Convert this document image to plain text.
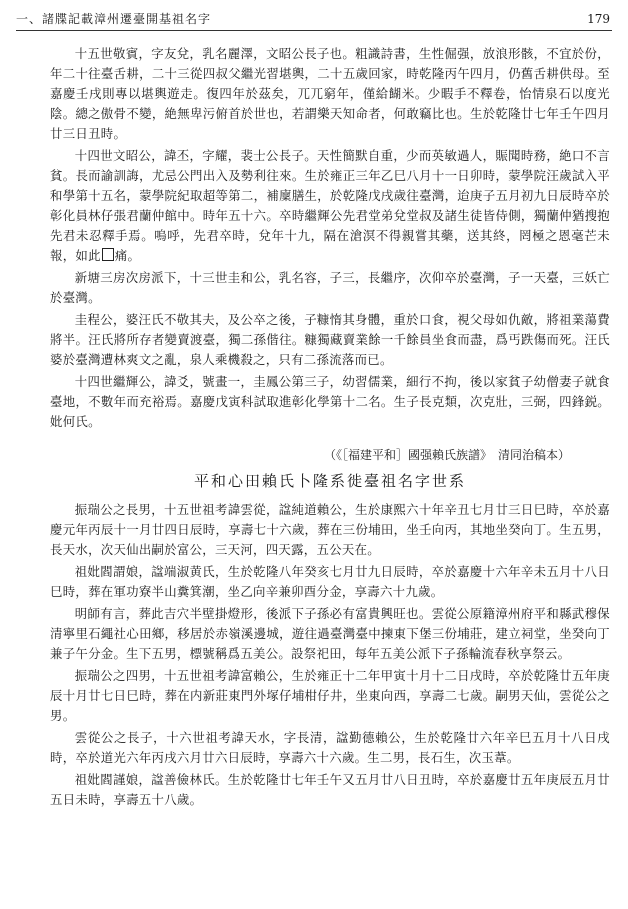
一、諸牒記載漳州遷臺開基祖名字	179

十五世敬賓，字友兌，乳名麗澤，文昭公長子也。粗識詩書，生性倔强，放浪形骸，不宜於份，年二十往臺舌耕，二十三從四叔父繼光習堪輿，二十五歲回家，時乾隆丙午四月，仍舊舌耕供母。至嘉慶壬戌則專以堪輿遊走。復四年於茲矣，兀兀窮年，僅給餬米。少暇手不釋卷，怡情泉石以度光陰。總之傲骨不變，絶無卑污俯首於世也，若謂樂天知命者，何敢竊比也。生於乾隆廿七年壬午四月廿三日丑時。

十四世文昭公，諱丕，字耀，裴士公長子。天性簡默自重，少而英敏過人，賑聞時務，絶口不言貧。長而諭訓誨，尤忌公門出入及勢利往來。生於雍正三年乙巳八月十一日卯時，蒙學院汪歲試入平和學第十五名，蒙學院紀取超等第二，補廩膳生，於乾隆戊戌歲往臺灣，迨庚子五月初九日辰時卒於彰化員林仔張君蘭仲館中。時年五十六。卒時繼輝公先君堂弟兌堂叔及諸生徒皆侍側，獨蘭仲猶搜抱先君未忍釋手焉。嗚呼，先君卒時，兌年十九，隔在滄溟不得親嘗其藥，送其終，罔極之恩毫芒未報，如此 痛。

新塘三房次房派下，十三世圭和公，乳名容，子三，長繼序，次仰卒於臺灣，子一天臺，三妖亡於臺灣。

圭程公，婆汪氏不敬其夫，及公卒之後，子糠惰其身體，重於口食，視父母如仇敵，將祖業蕩費將半。汪氏將所存者變賣渡臺，獨二孫偕往。糠獨藏賣業餘一千餘員坐食而盡，爲丐跌傷而死。汪氏婆於臺灣遭林爽文之亂，泉人乘機殺之，只有二孫流落而已。

十四世繼輝公，諱爻，號畫一，圭鳳公第三子，幼習儒業，細行不拘，後以家貧子幼僧妻子就食臺地，不數年而充裕焉。嘉慶戊寅科試取進彰化學第十二名。生子長克類，次克壯，三弼，四鋒鋭。妣何氏。

（《［福建平和］國强賴氏族譜》　清同治稿本）
平和心田賴氏卜隆系徙臺祖名字世系

振瑞公之長男，十五世祖考諱雲從，諡純道賴公，生於康熙六十年辛丑七月廿三日巳時，卒於嘉慶元年丙辰十一月廿四日辰時，享壽七十六歲，葬在三份埔田，坐壬向丙，其地坐癸向丁。生五男，長天水，次天仙出嗣於富公，三天河，四天露，五公天在。

祖妣閻謂娘，諡端淑黄氏，生於乾隆八年癸亥七月廿九日辰時，卒於嘉慶十六年辛未五月十八日巳時，葬在軍功寮半山糞箕潮，坐乙向辛兼卯酉分金，享壽六十九歲。

明師有言，葬此吉穴半壁掛燈形，後派下子孫必有富貴興旺也。雲從公原籍漳州府平和縣武穆保清寧里石繩社心田鄉，移居於赤嶺溪邊城，遊往過臺灣臺中揀東下堡三份埔莊，建立祠堂，坐癸向丁兼子午分金。生下五男，標號稱爲五美公。設祭祀田，每年五美公派下子孫輪流春秋享祭云。

振瑞公之四男，十五世祖考諱富賴公，生於雍正十二年甲寅十月十二日戌時，卒於乾隆廿五年庚辰十月廿七日巳時，葬在内新莊東門外塚仔埔柑仔井，坐東向西，享壽二七歲。嗣男天仙，雲從公之男。

雲從公之長子，十六世祖考諱天水，字長清，諡勤德賴公，生於乾隆廿六年辛巳五月十八日戌時，卒於道光六年丙戌六月廿六日辰時，享壽六十六歲。生二男，長石生，次玉葦。

祖妣閻謹娘，諡善儉林氏。生於乾隆廿七年壬午又五月廿八日丑時，卒於嘉慶廿五年庚辰五月廿五日未時，享壽五十八歲。
